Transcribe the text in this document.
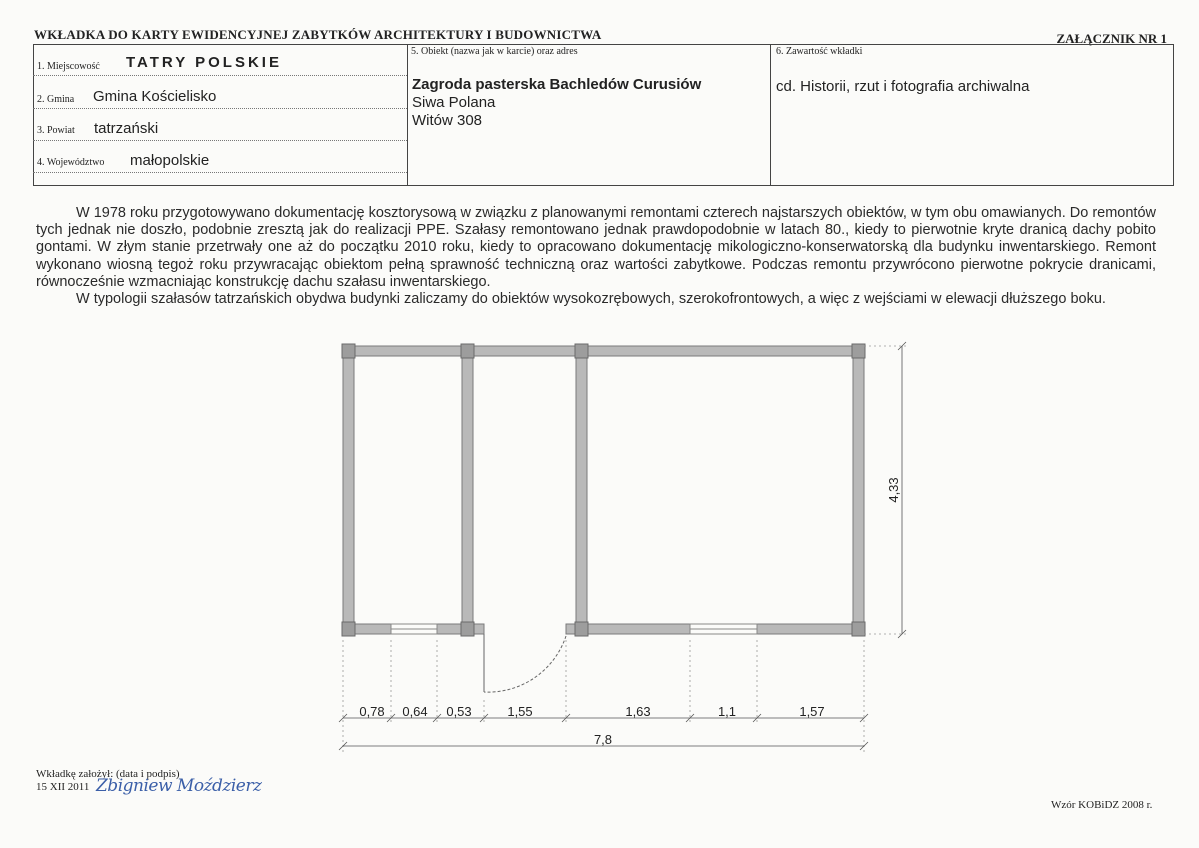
WKŁADKA DO KARTY EWIDENCYJNEJ ZABYTKÓW ARCHITEKTURY I BUDOWNICTWA	ZAŁĄCZNIK NR 1
1. Miejscowość TATRY POLSKIE
2. Gmina Gmina Kościelisko
3. Powiat tatrzański
4. Województwo małopolskie
5. Obiekt (nazwa jak w karcie) oraz adres
Zagroda pasterska Bachledów Curusiów
Siwa Polana
Witów 308
6. Zawartość wkładki
cd. Historii, rzut i fotografia archiwalna

W 1978 roku przygotowywano dokumentację kosztorysową w związku z planowanymi remontami czterech najstarszych obiektów, w tym obu omawianych. Do remontów tych jednak nie doszło, podobnie zresztą jak do realizacji PPE. Szałasy remontowano jednak prawdopodobnie w latach 80., kiedy to pierwotnie kryte dranicą dachy pobito gontami. W złym stanie przetrwały one aż do początku 2010 roku, kiedy to opracowano dokumentację mikologiczno-konserwatorską dla budynku inwentarskiego. Remont wykonano wiosną tegoż roku przywracając obiektom pełną sprawność techniczną oraz wartości zabytkowe. Podczas remontu przywrócono pierwotne pokrycie dranicami, równocześnie wzmacniając konstrukcję dachu szałasu inwentarskiego.

W typologii szałasów tatrzańskich obydwa budynki zaliczamy do obiektów wysokozrębowych, szerokofrontowych, a więc z wejściami w elewacji dłuższego boku.

0,78 0,64 0,53	1,55	1,63	1,1	1,57
7,8
4,33
Wkładkę założył: (data i podpis)
15 XII 2011 Zbigniew Moździerz
Wzór KOBiDZ 2008 r.
